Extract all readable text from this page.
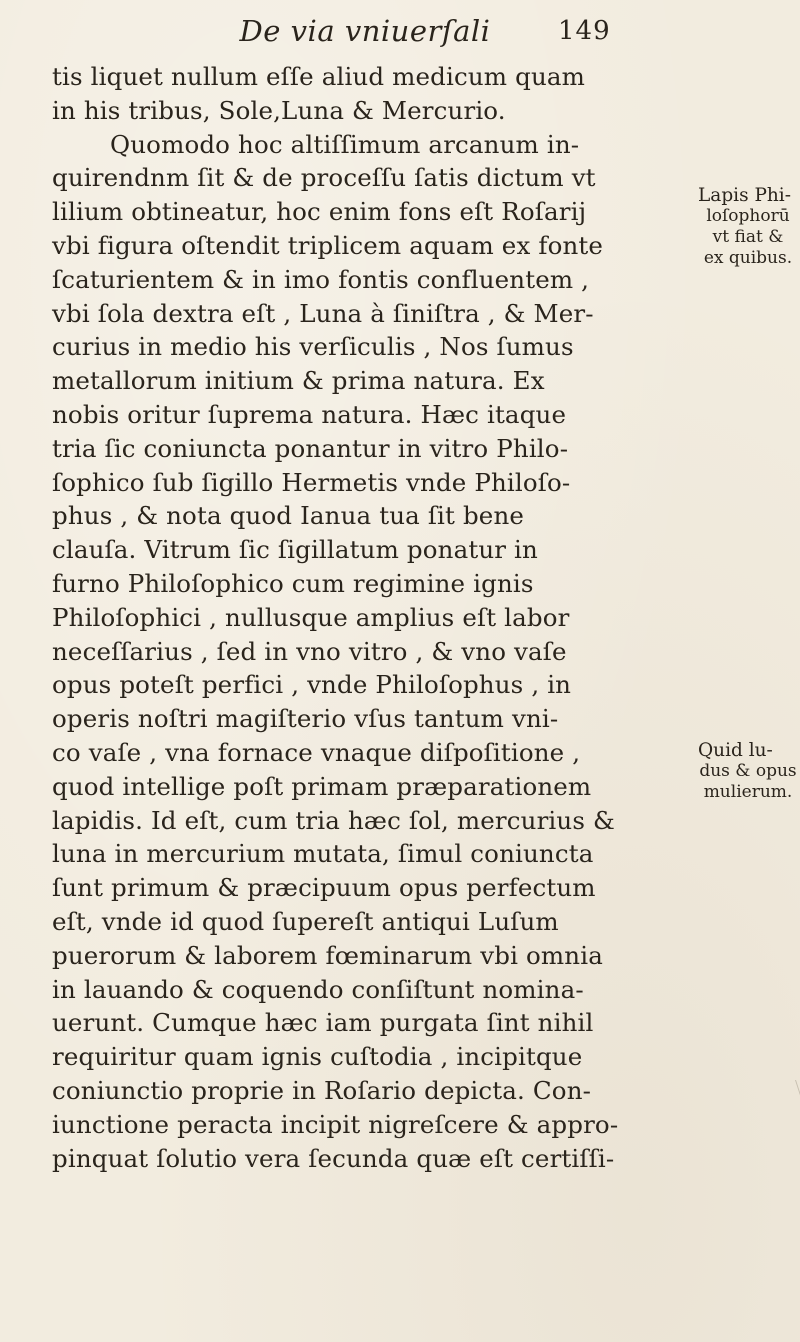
De via vniuerſali	149
tis liquet nullum eſſe aliud medicum quam
in his tribus, Sole,Luna & Mercurio.
Quomodo hoc altiſſimum arcanum in-
quirendnm ſit & de proceſſu ſatis dictum vt
lilium obtineatur, hoc enim fons eſt Roſarij
vbi figura oſtendit triplicem aquam ex fonte
ſcaturientem & in imo fontis confluentem ,
vbi ſola dextra eſt , Luna à ſiniſtra , & Mer-
curius in medio his verſiculis , Nos ſumus
metallorum initium & prima natura. Ex
nobis oritur ſuprema natura. Hæc itaque
tria ſic coniuncta ponantur in vitro Philo-
ſophico ſub ſigillo Hermetis vnde Philoſo-
phus , & nota quod Ianua tua ſit bene
clauſa. Vitrum ſic ſigillatum ponatur in
furno Philoſophico cum regimine ignis
Philoſophici , nullusque amplius eſt labor
neceſſarius , ſed in vno vitro , & vno vaſe
opus poteſt perfici , vnde Philoſophus , in
operis noſtri magiſterio vſus tantum vni-
co vaſe , vna fornace vnaque diſpoſitione ,
quod intellige poſt primam præparationem
lapidis. Id eſt, cum tria hæc ſol, mercurius &
luna in mercurium mutata, ſimul coniuncta
ſunt primum & præcipuum opus perfectum
eſt, vnde id quod ſupereſt antiqui Luſum
puerorum & laborem fœminarum vbi omnia
in lauando & coquendo conſiſtunt nomina-
uerunt. Cumque hæc iam purgata ſint nihil
requiritur quam ignis cuſtodia , incipitque
coniunctio proprie in Roſario depicta. Con-
iunctione peracta incipit nigreſcere & appro-
pinquat ſolutio vera ſecunda quæ eſt certiſſi-
Lapis Phi-
loſophorū
vt fiat &
ex quibus.
Quid lu-
dus & opus
mulierum.
